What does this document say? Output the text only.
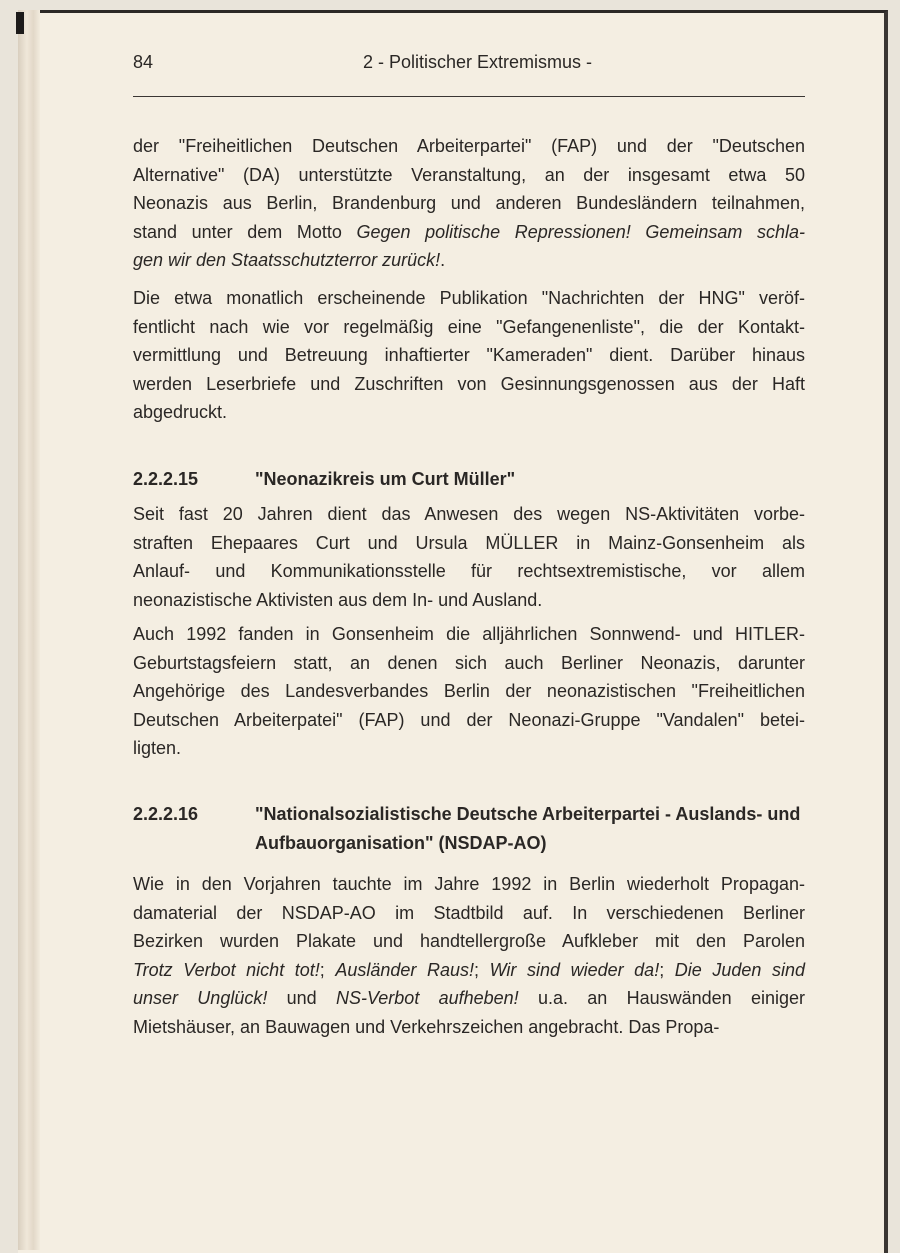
84	2 - Politischer Extremismus -
der "Freiheitlichen Deutschen Arbeiterpartei" (FAP) und der "Deutschen
Alternative" (DA) unterstützte Veranstaltung, an der insgesamt etwa 50
Neonazis aus Berlin, Brandenburg und anderen Bundesländern teilnahmen,
stand unter dem Motto Gegen politische Repressionen! Gemeinsam schla-
gen wir den Staatsschutzterror zurück!.
Die etwa monatlich erscheinende Publikation "Nachrichten der HNG" veröf-
fentlicht nach wie vor regelmäßig eine "Gefangenenliste", die der Kontakt-
vermittlung und Betreuung inhaftierter "Kameraden" dient. Darüber hinaus
werden Leserbriefe und Zuschriften von Gesinnungsgenossen aus der Haft
abgedruckt.
2.2.2.15	"Neonazikreis um Curt Müller"
Seit fast 20 Jahren dient das Anwesen des wegen NS-Aktivitäten vorbe-
straften Ehepaares Curt und Ursula MÜLLER in Mainz-Gonsenheim als
Anlauf- und Kommunikationsstelle für rechtsextremistische, vor allem
neonazistische Aktivisten aus dem In- und Ausland.
Auch 1992 fanden in Gonsenheim die alljährlichen Sonnwend- und HITLER-
Geburtstagsfeiern statt, an denen sich auch Berliner Neonazis, darunter
Angehörige des Landesverbandes Berlin der neonazistischen "Freiheitlichen
Deutschen Arbeiterpatei" (FAP) und der Neonazi-Gruppe "Vandalen" betei-
ligten.
2.2.2.16	"Nationalsozialistische Deutsche Arbeiterpartei - Auslands- und Aufbauorganisation" (NSDAP-AO)
Wie in den Vorjahren tauchte im Jahre 1992 in Berlin wiederholt Propagan-
damaterial der NSDAP-AO im Stadtbild auf. In verschiedenen Berliner
Bezirken wurden Plakate und handtellergroße Aufkleber mit den Parolen
Trotz Verbot nicht tot!; Ausländer Raus!; Wir sind wieder da!; Die Juden sind
unser Unglück! und NS-Verbot aufheben! u.a. an Hauswänden einiger
Mietshäuser, an Bauwagen und Verkehrszeichen angebracht. Das Propa-
